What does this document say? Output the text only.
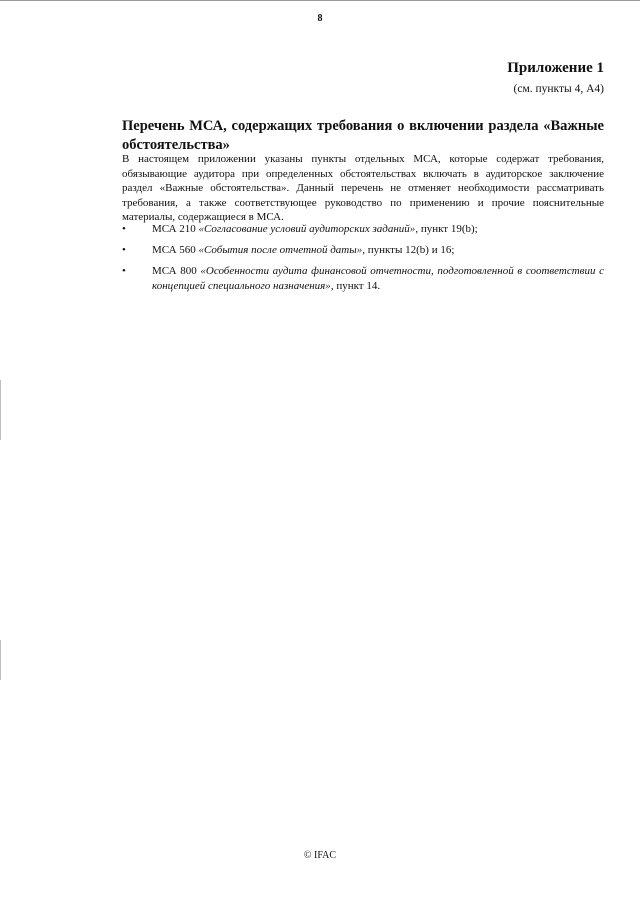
8
Приложение 1
(см. пункты 4, A4)
Перечень МСА, содержащих требования о включении раздела «Важные обстоятельства»
В настоящем приложении указаны пункты отдельных МСА, которые содержат требования, обязывающие аудитора при определенных обстоятельствах включать в аудиторское заключение раздел «Важные обстоятельства». Данный перечень не отменяет необходимости рассматривать требования, а также соответствующее руководство по применению и прочие пояснительные материалы, содержащиеся в МСА.
•	МСА 210 «Согласование условий аудиторских заданий», пункт 19(b);
•	МСА 560 «События после отчетной даты», пункты 12(b) и 16;
•	МСА 800 «Особенности аудита финансовой отчетности, подготовленной в соответствии с концепцией специального назначения», пункт 14.
© IFAC
